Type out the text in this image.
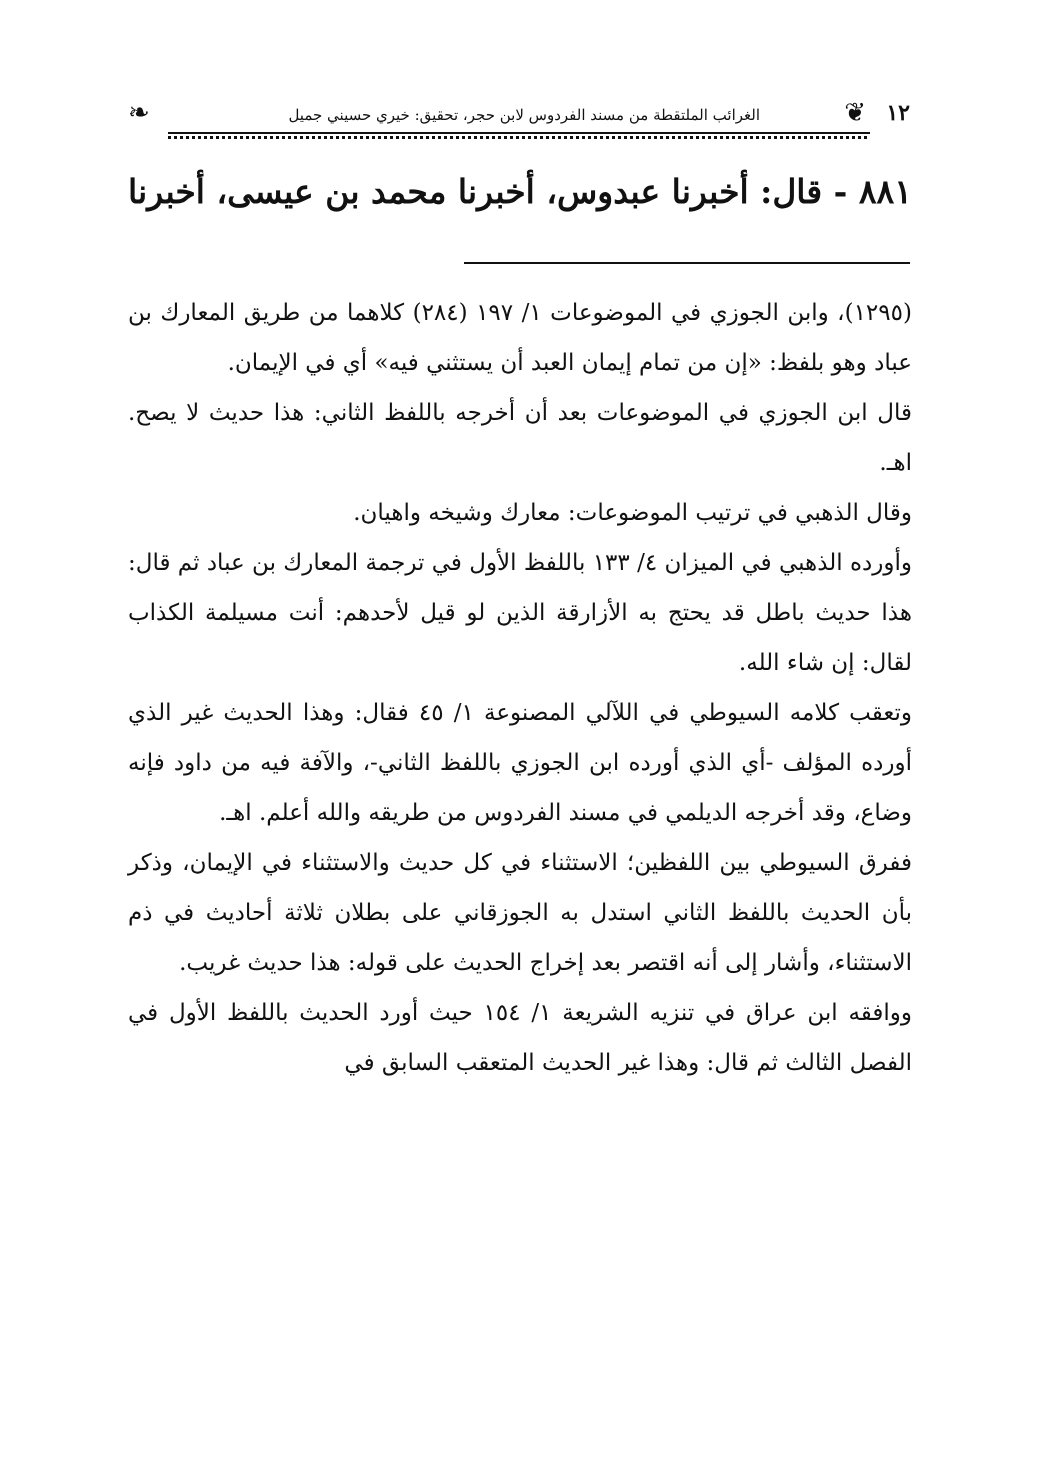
١٢
❦
الغرائب الملتقطة من مسند الفردوس لابن حجر، تحقيق: خيري حسيني جميل
❧
٨٨١ - قال: أخبرنا عبدوس، أخبرنا محمد بن عيسى، أخبرنا

(١٢٩٥)، وابن الجوزي في الموضوعات ١/ ١٩٧ (٢٨٤) كلاهما من طريق المعارك بن عباد وهو بلفظ: «إن من تمام إيمان العبد أن يستثني فيه» أي في الإيمان.

قال ابن الجوزي في الموضوعات بعد أن أخرجه باللفظ الثاني: هذا حديث لا يصح. اهـ.

وقال الذهبي في ترتيب الموضوعات: معارك وشيخه واهيان.

وأورده الذهبي في الميزان ٤/ ١٣٣ باللفظ الأول في ترجمة المعارك بن عباد ثم قال: هذا حديث باطل قد يحتج به الأزارقة الذين لو قيل لأحدهم: أنت مسيلمة الكذاب لقال: إن شاء الله.

وتعقب كلامه السيوطي في اللآلي المصنوعة ١/ ٤٥ فقال: وهذا الحديث غير الذي أورده المؤلف -أي الذي أورده ابن الجوزي باللفظ الثاني-، والآفة فيه من داود فإنه وضاع، وقد أخرجه الديلمي في مسند الفردوس من طريقه والله أعلم. اهـ.

ففرق السيوطي بين اللفظين؛ الاستثناء في كل حديث والاستثناء في الإيمان، وذكر بأن الحديث باللفظ الثاني استدل به الجوزقاني على بطلان ثلاثة أحاديث في ذم الاستثناء، وأشار إلى أنه اقتصر بعد إخراج الحديث على قوله: هذا حديث غريب.

ووافقه ابن عراق في تنزيه الشريعة ١/ ١٥٤ حيث أورد الحديث باللفظ الأول في الفصل الثالث ثم قال: وهذا غير الحديث المتعقب السابق في
